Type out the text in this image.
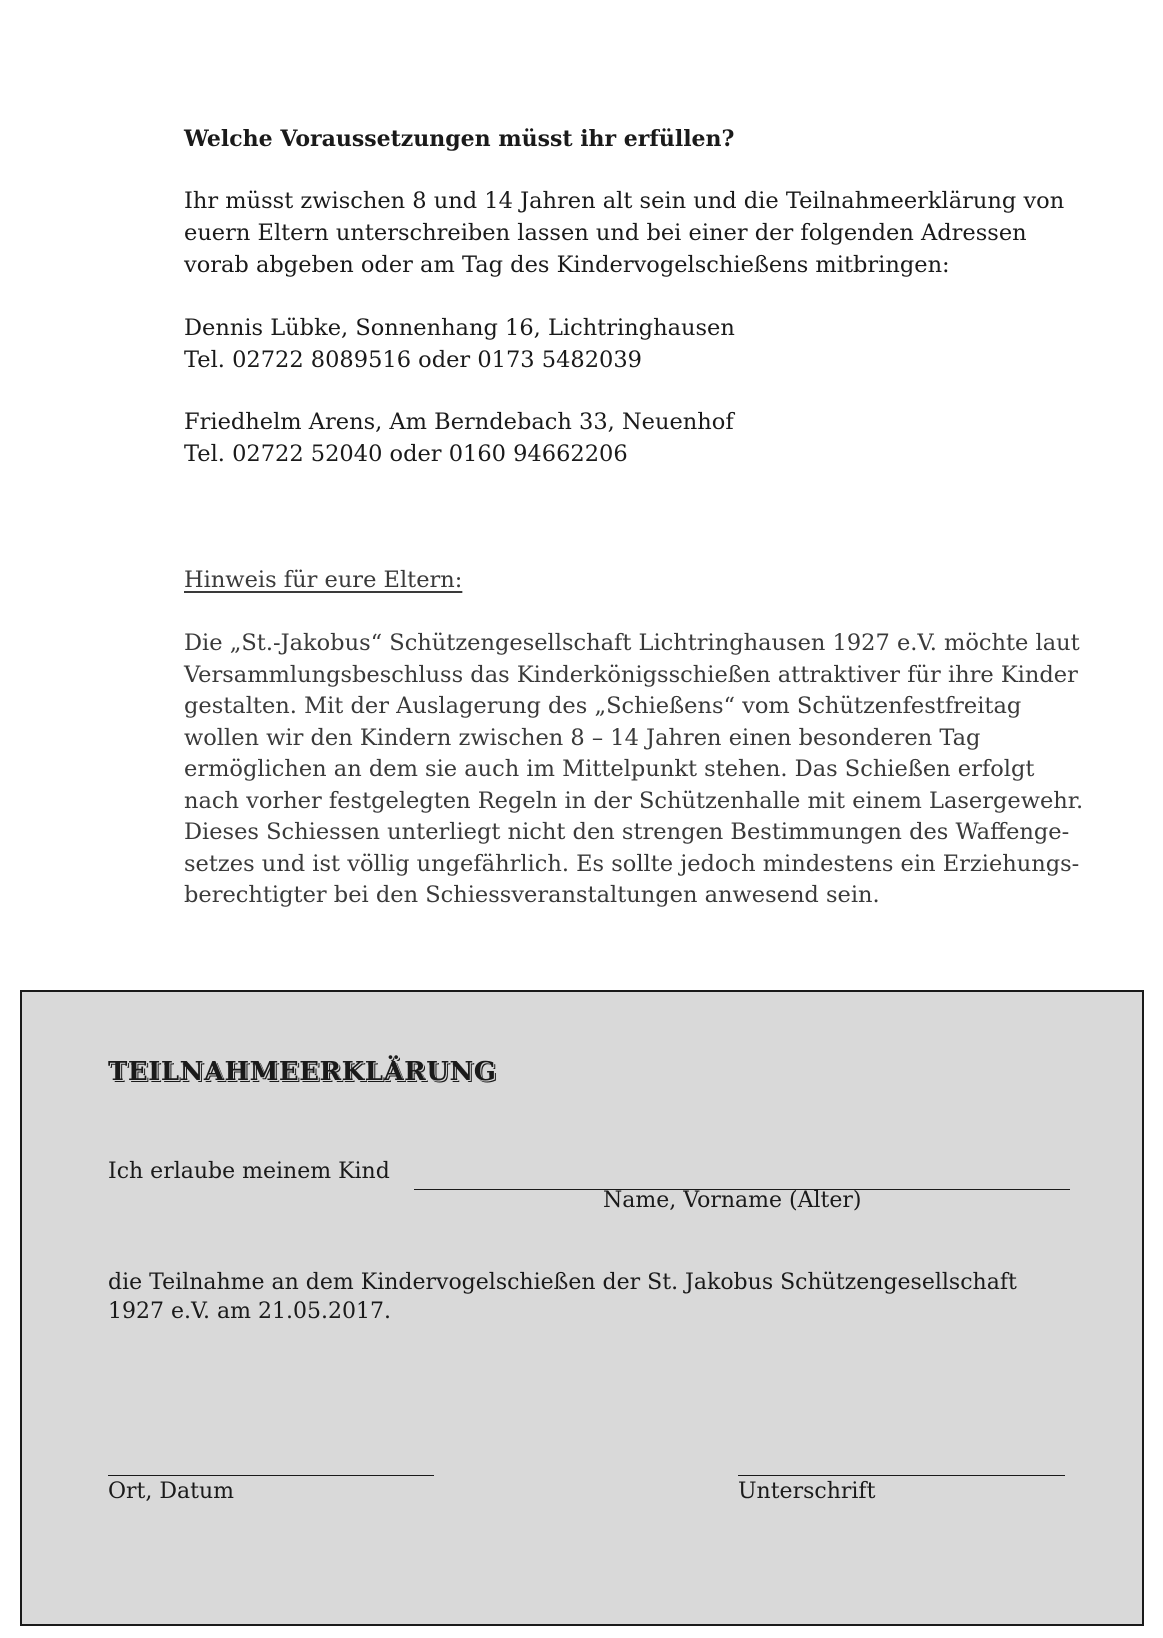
Welche Voraussetzungen müsst ihr erfüllen?
Ihr müsst zwischen 8 und 14 Jahren alt sein und die Teilnahmeerklärung von
euern Eltern unterschreiben lassen und bei einer der folgenden Adressen
vorab abgeben oder am Tag des Kindervogelschießens mitbringen:
Dennis Lübke, Sonnenhang 16, Lichtringhausen
Tel. 02722 8089516 oder 0173 5482039
Friedhelm Arens, Am Berndebach 33, Neuenhof
Tel. 02722 52040 oder 0160 94662206
Hinweis für eure Eltern:
Die „St.-Jakobus“ Schützengesellschaft Lichtringhausen 1927 e.V. möchte laut
Versammlungsbeschluss das Kinderkönigsschießen attraktiver für ihre Kinder
gestalten. Mit der Auslagerung des „Schießens“ vom Schützenfestfreitag
wollen wir den Kindern zwischen 8 – 14 Jahren einen besonderen Tag
ermöglichen an dem sie auch im Mittelpunkt stehen. Das Schießen erfolgt
nach vorher festgelegten Regeln in der Schützenhalle mit einem Lasergewehr.
Dieses Schiessen unterliegt nicht den strengen Bestimmungen des Waffenge-
setzes und ist völlig ungefährlich. Es sollte jedoch mindestens ein Erziehungs-
berechtigter bei den Schiessveranstaltungen anwesend sein.
TEILNAHMEERKLÄRUNG
Ich erlaube meinem Kind
Name, Vorname (Alter)
die Teilnahme an dem Kindervogelschießen der St. Jakobus Schützengesellschaft
1927 e.V. am 21.05.2017.
Ort, Datum	Unterschrift
